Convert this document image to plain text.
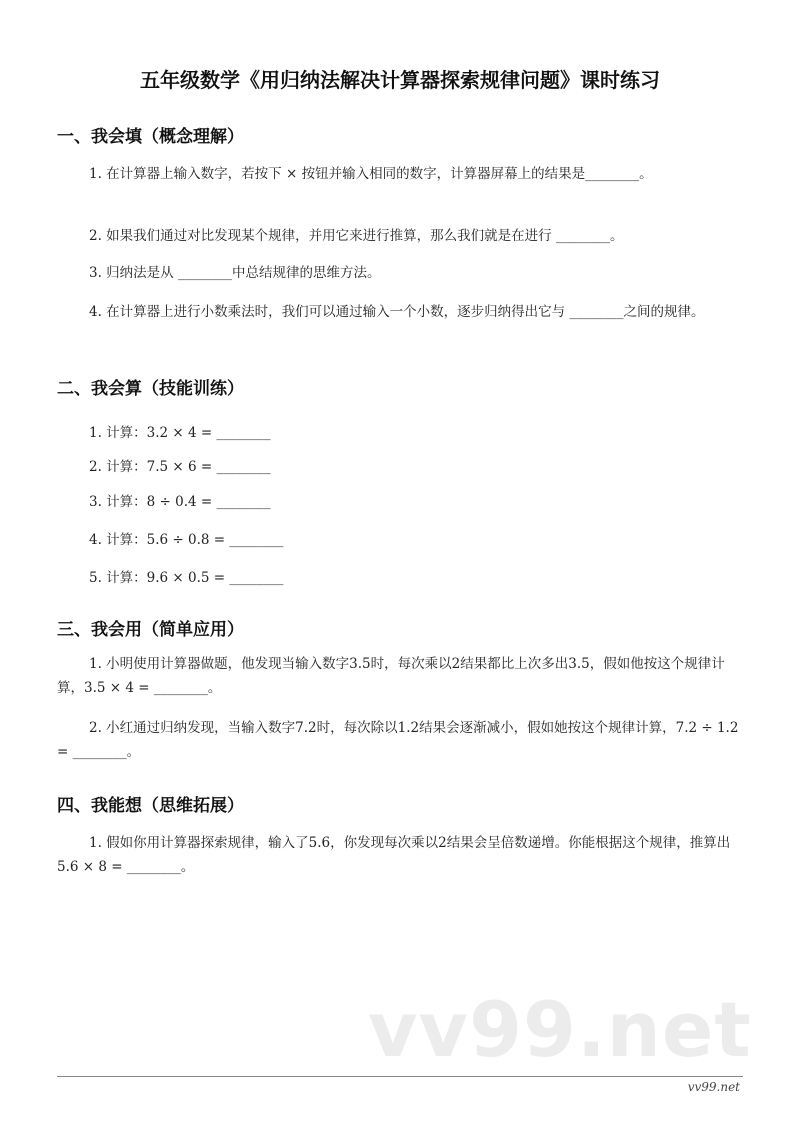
五年级数学《用归纳法解决计算器探索规律问题》课时练习
一、我会填（概念理解）
1. 在计算器上输入数字，若按下 × 按钮并输入相同的数字，计算器屏幕上的结果是________。
2. 如果我们通过对比发现某个规律，并用它来进行推算，那么我们就是在进行 ________。
3. 归纳法是从 ________中总结规律的思维方法。
4. 在计算器上进行小数乘法时，我们可以通过输入一个小数，逐步归纳得出它与 ________之间的规律。
二、我会算（技能训练）
1. 计算：3.2 × 4 = ________
2. 计算：7.5 × 6 = ________
3. 计算：8 ÷ 0.4 = ________
4. 计算：5.6 ÷ 0.8 = ________
5. 计算：9.6 × 0.5 = ________
三、我会用（简单应用）
1. 小明使用计算器做题，他发现当输入数字3.5时，每次乘以2结果都比上次多出3.5，假如他按这个规律计算，3.5 × 4 = ________。
2. 小红通过归纳发现，当输入数字7.2时，每次除以1.2结果会逐渐减小，假如她按这个规律计算，7.2 ÷ 1.2 = ________。
四、我能想（思维拓展）
1. 假如你用计算器探索规律，输入了5.6，你发现每次乘以2结果会呈倍数递增。你能根据这个规律，推算出5.6 × 8 = ________。
vv99.net
vv99.net
